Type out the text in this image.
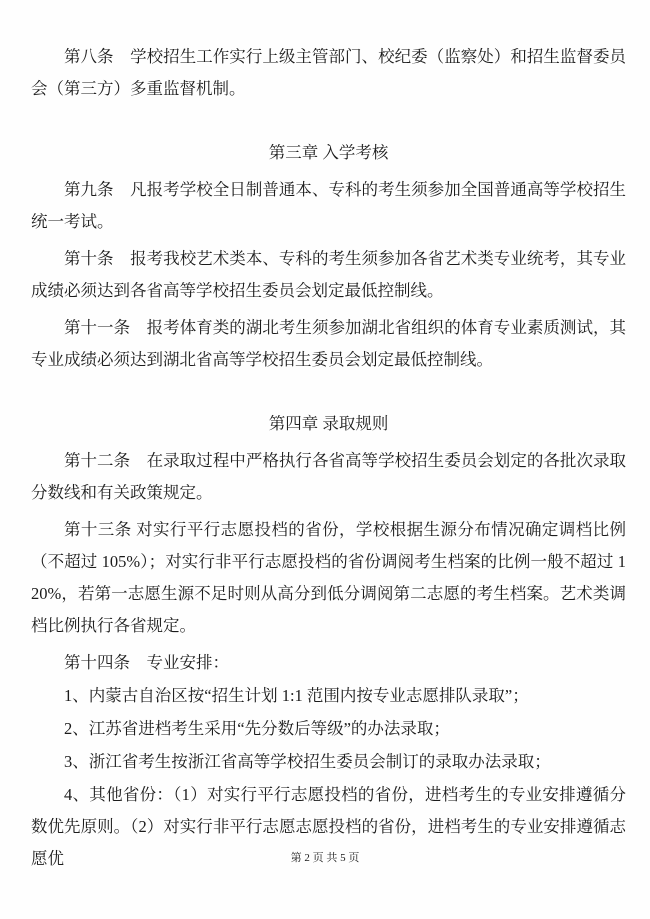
第八条　学校招生工作实行上级主管部门、校纪委（监察处）和招生监督委员会（第三方）多重监督机制。
第三章 入学考核
第九条　凡报考学校全日制普通本、专科的考生须参加全国普通高等学校招生统一考试。
第十条　报考我校艺术类本、专科的考生须参加各省艺术类专业统考，其专业成绩必须达到各省高等学校招生委员会划定最低控制线。
第十一条　报考体育类的湖北考生须参加湖北省组织的体育专业素质测试，其专业成绩必须达到湖北省高等学校招生委员会划定最低控制线。
第四章 录取规则
第十二条　在录取过程中严格执行各省高等学校招生委员会划定的各批次录取分数线和有关政策规定。
第十三条 对实行平行志愿投档的省份，学校根据生源分布情况确定调档比例（不超过 105%）；对实行非平行志愿投档的省份调阅考生档案的比例一般不超过 120%，若第一志愿生源不足时则从高分到低分调阅第二志愿的考生档案。艺术类调档比例执行各省规定。
第十四条　专业安排：
1、内蒙古自治区按“招生计划 1:1 范围内按专业志愿排队录取”；
2、江苏省进档考生采用“先分数后等级”的办法录取；
3、浙江省考生按浙江省高等学校招生委员会制订的录取办法录取；
4、其他省份：（1）对实行平行志愿投档的省份，进档考生的专业安排遵循分数优先原则。（2）对实行非平行志愿志愿投档的省份，进档考生的专业安排遵循志愿优	第 2 页 共 5 页
